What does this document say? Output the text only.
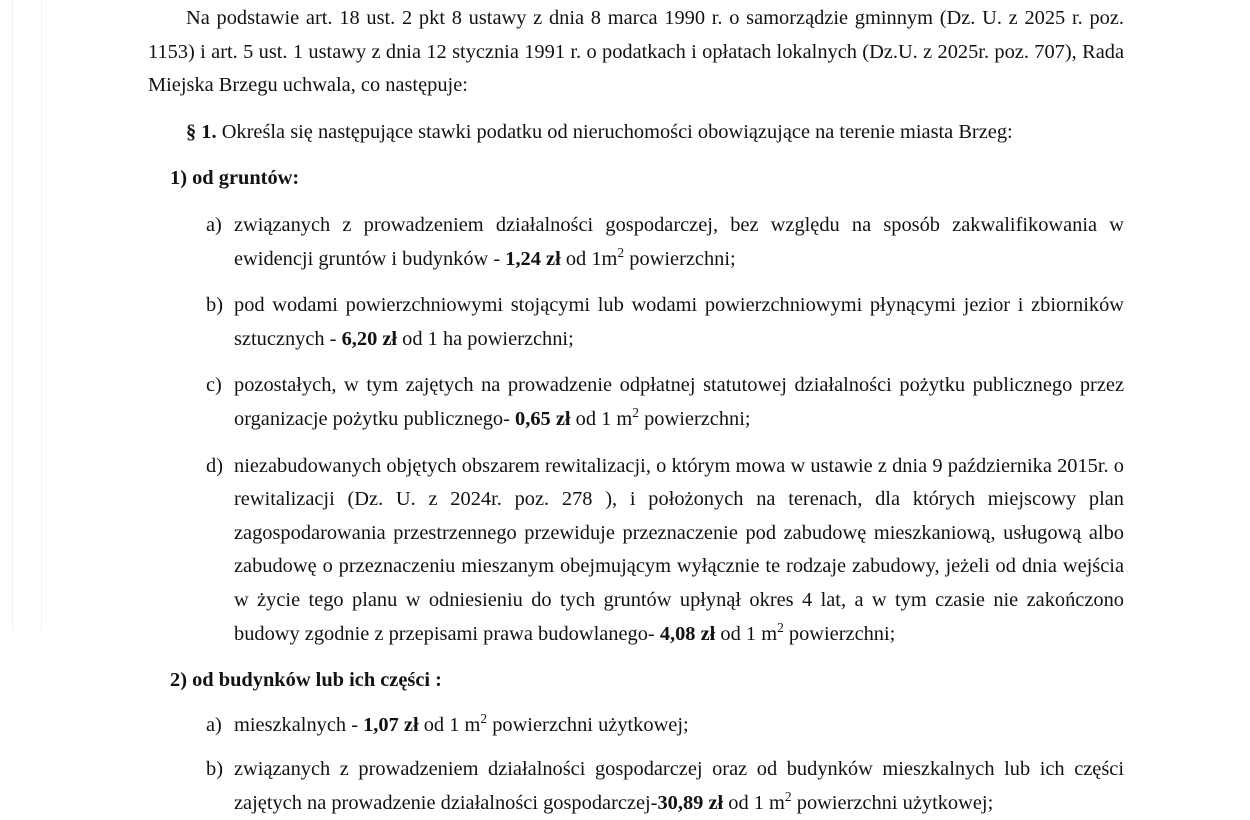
Na podstawie art. 18 ust. 2 pkt 8 ustawy z dnia 8 marca 1990 r. o samorządzie gminnym (Dz. U. z 2025 r. poz. 1153) i art. 5 ust. 1 ustawy z dnia 12 stycznia 1991 r. o podatkach i opłatach lokalnych (Dz.U. z 2025r. poz. 707), Rada Miejska Brzegu uchwala, co następuje:

§ 1. Określa się następujące stawki podatku od nieruchomości obowiązujące na terenie miasta Brzeg:

1) od gruntów:

a) związanych z prowadzeniem działalności gospodarczej, bez względu na sposób zakwalifikowania w ewidencji gruntów i budynków - 1,24 zł od $1m^2$ powierzchni;

b) pod wodami powierzchniowymi stojącymi lub wodami powierzchniowymi płynącymi jezior i zbiorników sztucznych - 6,20 zł od 1 ha powierzchni;

c) pozostałych, w tym zajętych na prowadzenie odpłatnej statutowej działalności pożytku publicznego przez organizacje pożytku publicznego- 0,65 zł od 1 $m^2$ powierzchni;

d) niezabudowanych objętych obszarem rewitalizacji, o którym mowa w ustawie z dnia 9 października 2015r. o rewitalizacji (Dz. U. z 2024r. poz. 278 ), i położonych na terenach, dla których miejscowy plan zagospodarowania przestrzennego przewiduje przeznaczenie pod zabudowę mieszkaniową, usługową albo zabudowę o przeznaczeniu mieszanym obejmującym wyłącznie te rodzaje zabudowy, jeżeli od dnia wejścia w życie tego planu w odniesieniu do tych gruntów upłynął okres 4 lat, a w tym czasie nie zakończono budowy zgodnie z przepisami prawa budowlanego- 4,08 zł od 1 $m^2$ powierzchni;

2) od budynków lub ich części :

a) mieszkalnych - 1,07 zł od 1 $m^2$ powierzchni użytkowej;

b) związanych z prowadzeniem działalności gospodarczej oraz od budynków mieszkalnych lub ich części zajętych na prowadzenie działalności gospodarczej-30,89 zł od 1 $m^2$ powierzchni użytkowej;
